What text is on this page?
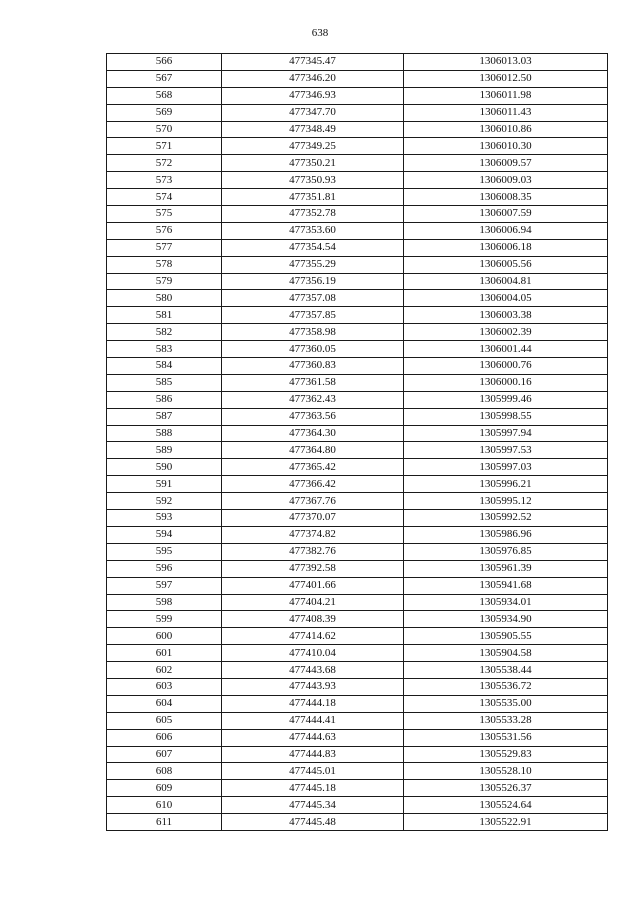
638
566	477345.47	1306013.03
567	477346.20	1306012.50
568	477346.93	1306011.98
569	477347.70	1306011.43
570	477348.49	1306010.86
571	477349.25	1306010.30
572	477350.21	1306009.57
573	477350.93	1306009.03
574	477351.81	1306008.35
575	477352.78	1306007.59
576	477353.60	1306006.94
577	477354.54	1306006.18
578	477355.29	1306005.56
579	477356.19	1306004.81
580	477357.08	1306004.05
581	477357.85	1306003.38
582	477358.98	1306002.39
583	477360.05	1306001.44
584	477360.83	1306000.76
585	477361.58	1306000.16
586	477362.43	1305999.46
587	477363.56	1305998.55
588	477364.30	1305997.94
589	477364.80	1305997.53
590	477365.42	1305997.03
591	477366.42	1305996.21
592	477367.76	1305995.12
593	477370.07	1305992.52
594	477374.82	1305986.96
595	477382.76	1305976.85
596	477392.58	1305961.39
597	477401.66	1305941.68
598	477404.21	1305934.01
599	477408.39	1305934.90
600	477414.62	1305905.55
601	477410.04	1305904.58
602	477443.68	1305538.44
603	477443.93	1305536.72
604	477444.18	1305535.00
605	477444.41	1305533.28
606	477444.63	1305531.56
607	477444.83	1305529.83
608	477445.01	1305528.10
609	477445.18	1305526.37
610	477445.34	1305524.64
611	477445.48	1305522.91
